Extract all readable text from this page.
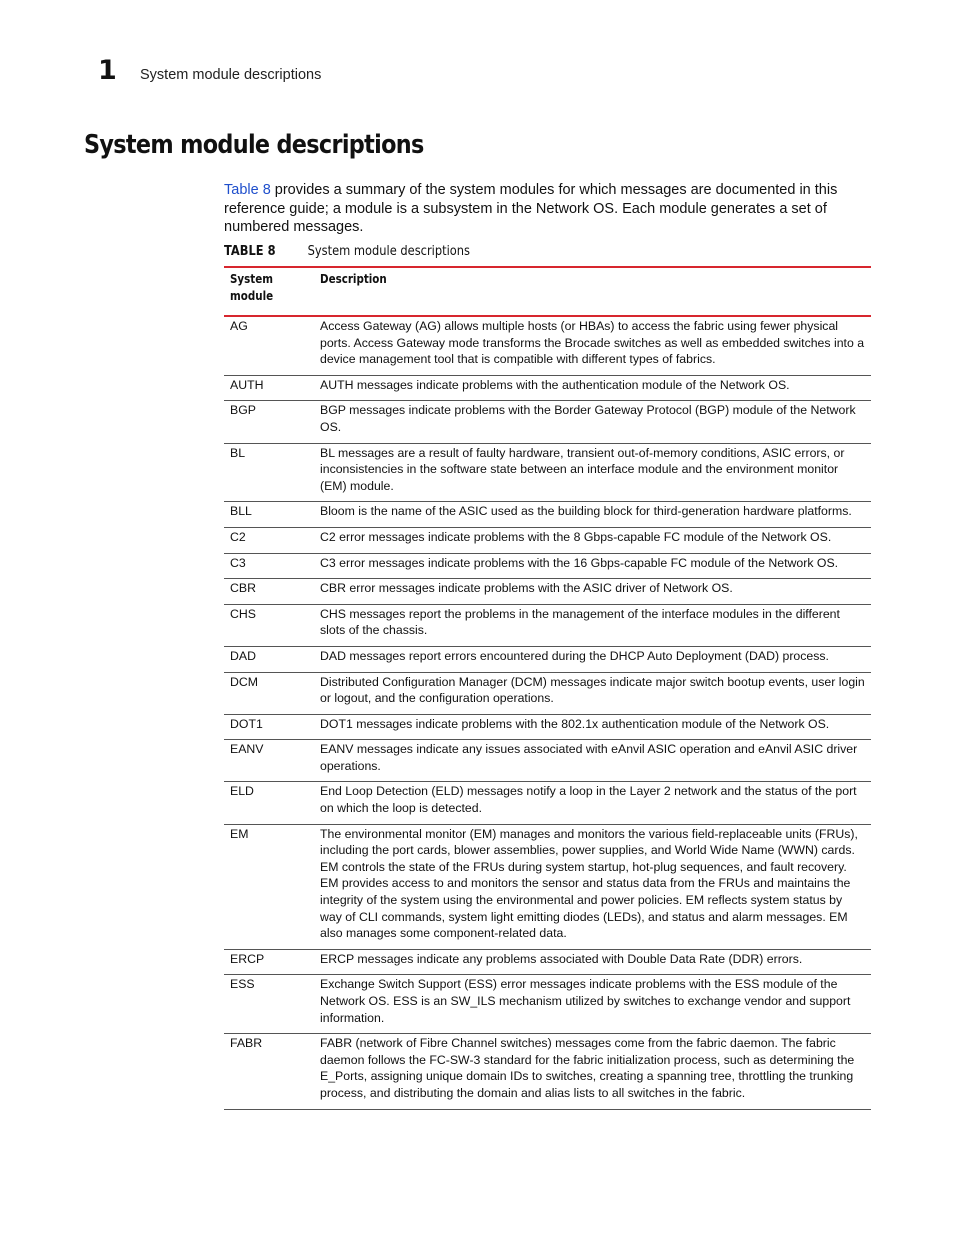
1	System module descriptions
System module descriptions

Table 8 provides a summary of the system modules for which messages are documented in this reference guide; a module is a subsystem in the Network OS. Each module generates a set of numbered messages.

TABLE 8	System module descriptions
System module	Description
AG	Access Gateway (AG) allows multiple hosts (or HBAs) to access the fabric using fewer physical ports. Access Gateway mode transforms the Brocade switches as well as embedded switches into a device management tool that is compatible with different types of fabrics.
AUTH	AUTH messages indicate problems with the authentication module of the Network OS.
BGP	BGP messages indicate problems with the Border Gateway Protocol (BGP) module of the Network OS.
BL	BL messages are a result of faulty hardware, transient out-of-memory conditions, ASIC errors, or inconsistencies in the software state between an interface module and the environment monitor (EM) module.
BLL	Bloom is the name of the ASIC used as the building block for third-generation hardware platforms.
C2	C2 error messages indicate problems with the 8 Gbps-capable FC module of the Network OS.
C3	C3 error messages indicate problems with the 16 Gbps-capable FC module of the Network OS.
CBR	CBR error messages indicate problems with the ASIC driver of Network OS.
CHS	CHS messages report the problems in the management of the interface modules in the different slots of the chassis.
DAD	DAD messages report errors encountered during the DHCP Auto Deployment (DAD) process.
DCM	Distributed Configuration Manager (DCM) messages indicate major switch bootup events, user login or logout, and the configuration operations.
DOT1	DOT1 messages indicate problems with the 802.1x authentication module of the Network OS.
EANV	EANV messages indicate any issues associated with eAnvil ASIC operation and eAnvil ASIC driver operations.
ELD	End Loop Detection (ELD) messages notify a loop in the Layer 2 network and the status of the port on which the loop is detected.
EM	The environmental monitor (EM) manages and monitors the various field-replaceable units (FRUs), including the port cards, blower assemblies, power supplies, and World Wide Name (WWN) cards. EM controls the state of the FRUs during system startup, hot-plug sequences, and fault recovery. EM provides access to and monitors the sensor and status data from the FRUs and maintains the integrity of the system using the environmental and power policies. EM reflects system status by way of CLI commands, system light emitting diodes (LEDs), and status and alarm messages. EM also manages some component-related data.
ERCP	ERCP messages indicate any problems associated with Double Data Rate (DDR) errors.
ESS	Exchange Switch Support (ESS) error messages indicate problems with the ESS module of the Network OS. ESS is an SW_ILS mechanism utilized by switches to exchange vendor and support information.
FABR	FABR (network of Fibre Channel switches) messages come from the fabric daemon. The fabric daemon follows the FC-SW-3 standard for the fabric initialization process, such as determining the E_Ports, assigning unique domain IDs to switches, creating a spanning tree, throttling the trunking process, and distributing the domain and alias lists to all switches in the fabric.
